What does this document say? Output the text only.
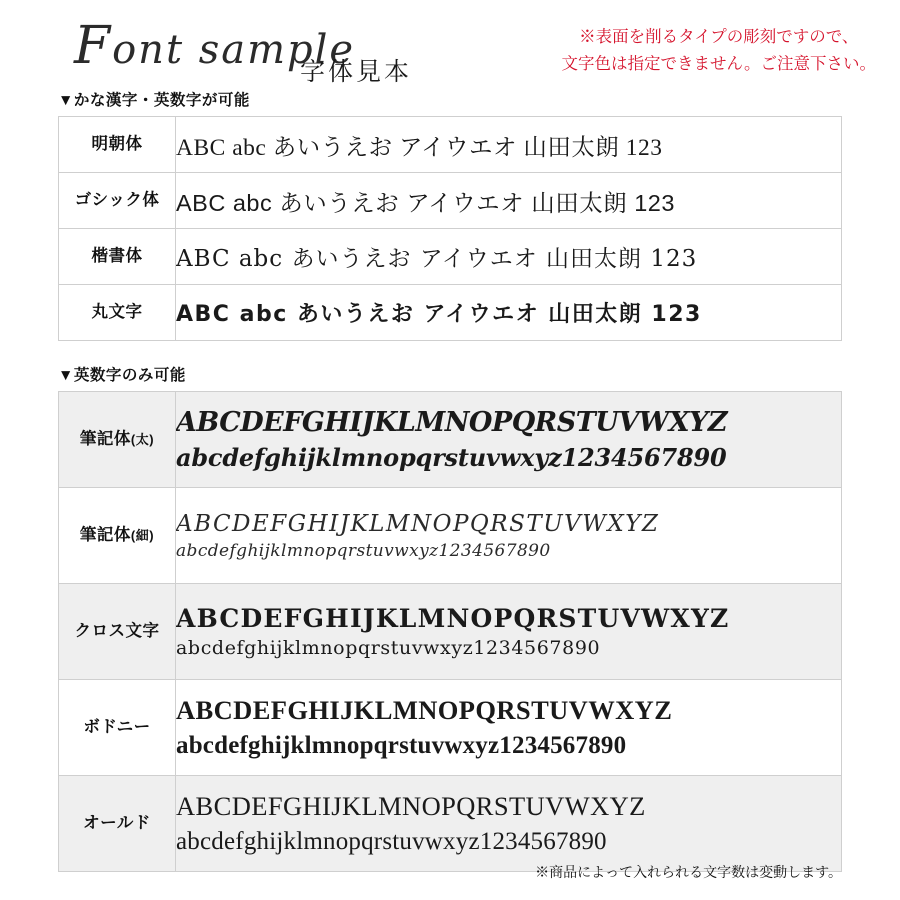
Font sample
字体見本
※表面を削るタイプの彫刻ですので、
文字色は指定できません。ご注意下さい。
▼かな漢字・英数字が可能
明朝体	ABC abc あいうえお アイウエオ 山田太朗 123
ゴシック体	ABC abc あいうえお アイウエオ 山田太朗 123
楷書体	ABC abc あいうえお アイウエオ 山田太朗 123
丸文字	ABC abc あいうえお アイウエオ 山田太朗 123
▼英数字のみ可能
筆記体(太)	ABCDEFGHIJKLMNOPQRSTUVWXYZ
abcdefghijklmnopqrstuvwxyz1234567890

筆記体(細)	ABCDEFGHIJKLMNOPQRSTUVWXYZ
abcdefghijklmnopqrstuvwxyz1234567890

クロス文字	ABCDEFGHIJKLMNOPQRSTUVWXYZ
abcdefghijklmnopqrstuvwxyz1234567890

ボドニー	ABCDEFGHIJKLMNOPQRSTUVWXYZ
abcdefghijklmnopqrstuvwxyz1234567890

オールド	ABCDEFGHIJKLMNOPQRSTUVWXYZ
abcdefghijklmnopqrstuvwxyz1234567890
※商品によって入れられる文字数は変動します。
